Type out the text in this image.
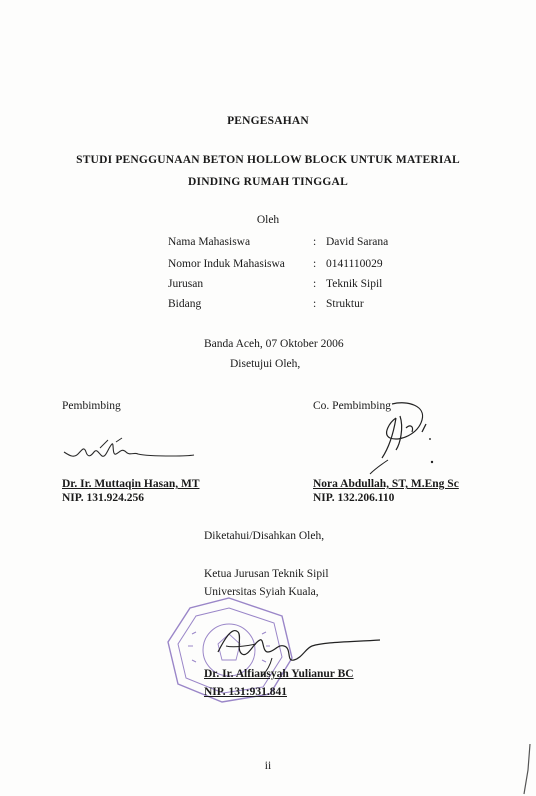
PENGESAHAN
STUDI PENGGUNAAN BETON HOLLOW BLOCK UNTUK MATERIAL
DINDING RUMAH TINGGAL
Oleh
Nama Mahasiswa	: David Sarana
Nomor Induk Mahasiswa : 0141110029
Jurusan	: Teknik Sipil
Bidang	: Struktur
Banda Aceh, 07 Oktober 2006
Disetujui Oleh,
Pembimbing	Co. Pembimbing
Dr. Ir. Muttaqin Hasan, MT
NIP. 131.924.256
Nora Abdullah, ST, M.Eng Sc
NIP. 132.206.110
Diketahui/Disahkan Oleh,
Ketua Jurusan Teknik Sipil
Universitas Syiah Kuala,
Dr. Ir. Alfiansyah Yulianur BC
NIP. 131:931.841
ii
